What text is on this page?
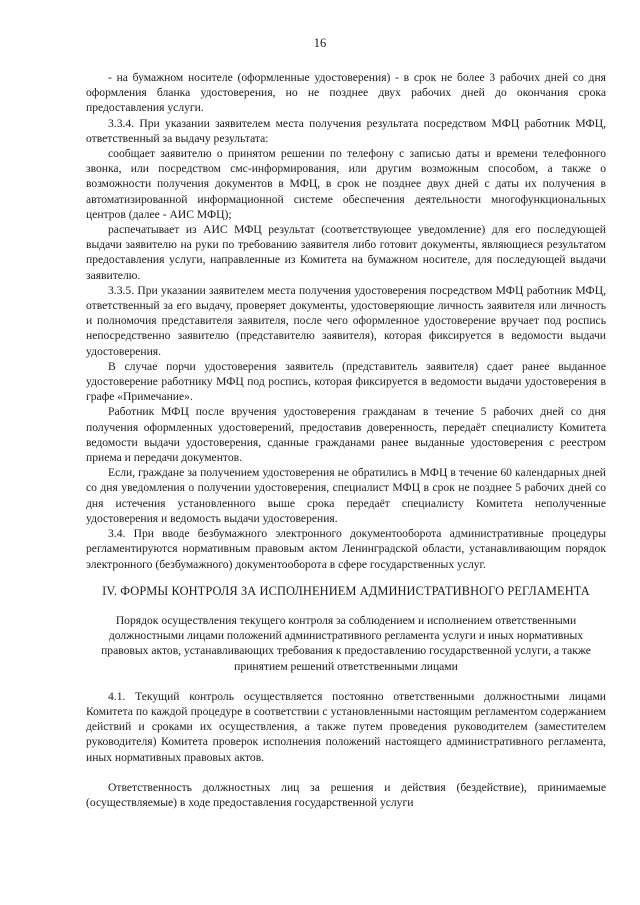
16

- на бумажном носителе (оформленные удостоверения) - в срок не более 3 рабочих дней со дня оформления бланка удостоверения, но не позднее двух рабочих дней до окончания срока предоставления услуги.

3.3.4. При указании заявителем места получения результата посредством МФЦ работник МФЦ, ответственный за выдачу результата:

сообщает заявителю о принятом решении по телефону с записью даты и времени телефонного звонка, или посредством смс-информирования, или другим возможным способом, а также о возможности получения документов в МФЦ, в срок не позднее двух дней с даты их получения в автоматизированной информационной системе обеспечения деятельности многофункциональных центров (далее - АИС МФЦ);

распечатывает из АИС МФЦ результат (соответствующее уведомление) для его последующей выдачи заявителю на руки по требованию заявителя либо готовит документы, являющиеся результатом предоставления услуги, направленные из Комитета на бумажном носителе, для последующей выдачи заявителю.

3.3.5. При указании заявителем места получения удостоверения посредством МФЦ работник МФЦ, ответственный за его выдачу, проверяет документы, удостоверяющие личность заявителя или личность и полномочия представителя заявителя, после чего оформленное удостоверение вручает под роспись непосредственно заявителю (представителю заявителя), которая фиксируется в ведомости выдачи удостоверения.

В случае порчи удостоверения заявитель (представитель заявителя) сдает ранее выданное удостоверение работнику МФЦ под роспись, которая фиксируется в ведомости выдачи удостоверения в графе «Примечание».

Работник МФЦ после вручения удостоверения гражданам в течение 5 рабочих дней со дня получения оформленных удостоверений, предоставив доверенность, передаёт специалисту Комитета ведомости выдачи удостоверения, сданные гражданами ранее выданные удостоверения с реестром приема и передачи документов.

Если, граждане за получением удостоверения не обратились в МФЦ в течение 60 календарных дней со дня уведомления о получении удостоверения, специалист МФЦ в срок не позднее 5 рабочих дней со дня истечения установленного выше срока передаёт специалисту Комитета неполученные удостоверения и ведомость выдачи удостоверения.

3.4. При вводе безбумажного электронного документооборота административные процедуры регламентируются нормативным правовым актом Ленинградской области, устанавливающим порядок электронного (безбумажного) документооборота в сфере государственных услуг.

IV. ФОРМЫ КОНТРОЛЯ ЗА ИСПОЛНЕНИЕМ АДМИНИСТРАТИВНОГО РЕГЛАМЕНТА

Порядок осуществления текущего контроля за соблюдением и исполнением ответственными должностными лицами положений административного регламента услуги и иных нормативных правовых актов, устанавливающих требования к предоставлению государственной услуги, а также принятием решений ответственными лицами

4.1. Текущий контроль осуществляется постоянно ответственными должностными лицами Комитета по каждой процедуре в соответствии с установленными настоящим регламентом содержанием действий и сроками их осуществления, а также путем проведения руководителем (заместителем руководителя) Комитета проверок исполнения положений настоящего административного регламента, иных нормативных правовых актов.

Ответственность должностных лиц за решения и действия (бездействие), принимаемые (осуществляемые) в ходе предоставления государственной услуги
